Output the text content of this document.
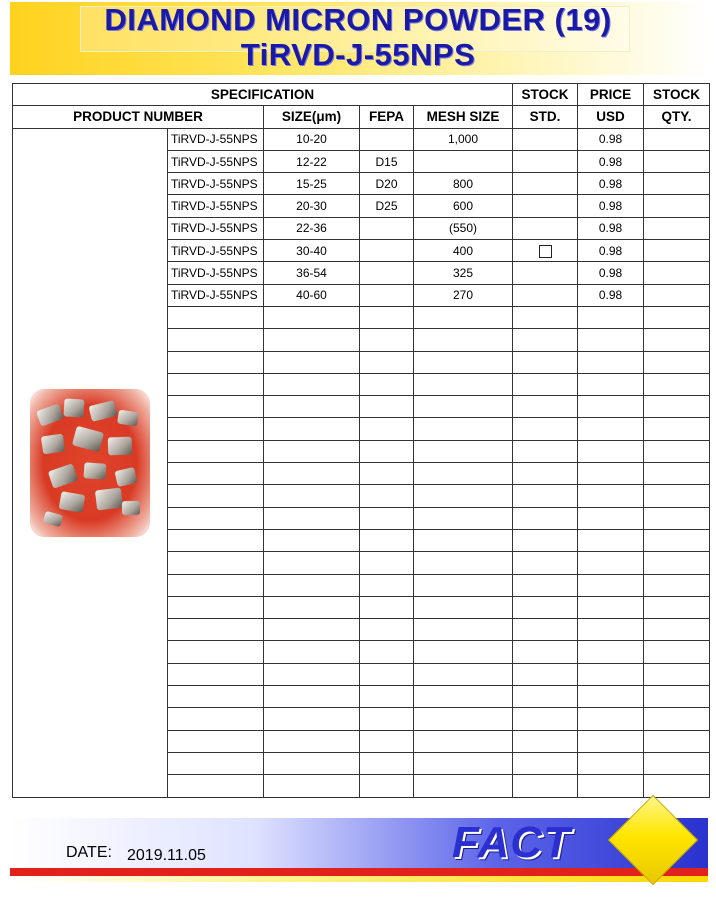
DIAMOND MICRON POWDER (19)
TiRVD-J-55NPS
SPECIFICATION					STOCK	PRICE	STOCK
PRODUCT NUMBER		SIZE(μm)	FEPA	MESH SIZE	STD.	USD	QTY.

	TiRVD-J-55NPS	10-20		1,000		0.98	
	TiRVD-J-55NPS	12-22	D15			0.98	
	TiRVD-J-55NPS	15-25	D20	800		0.98	
	TiRVD-J-55NPS	20-30	D25	600		0.98	
	TiRVD-J-55NPS	22-36		(550)		0.98	
	TiRVD-J-55NPS	30-40		400		0.98	
	TiRVD-J-55NPS	36-54		325		0.98	
	TiRVD-J-55NPS	40-60		270		0.98	

DATE: 2019.11.05	FACT
